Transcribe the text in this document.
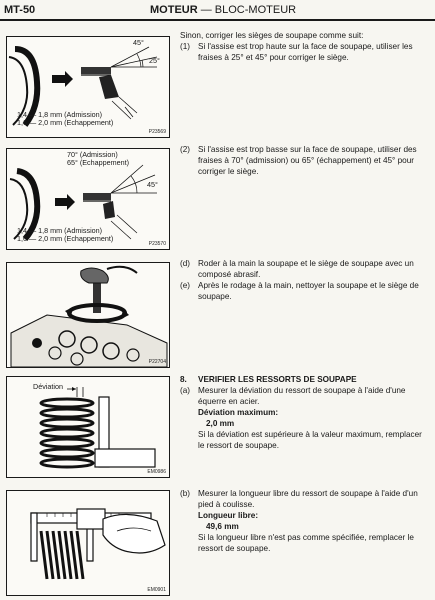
MT-50	MOTEUR — BLOC-MOTEUR
45°
25°
1,4 — 1,8 mm (Admission)
1,6 — 2,0 mm (Echappement)
P23569
70° (Admission)
65° (Echappement)
45°
1,4 — 1,8 mm (Admission)
1,6 — 2,0 mm (Echappement)
P23570
P22704
Déviation
EM0986
EM0901
Sinon, corriger les sièges de soupape comme suit:
(1) Si l'assise est trop haute sur la face de soupape, utiliser les fraises à 25° et 45° pour corriger le siège.
(2) Si l'assise est trop basse sur la face de soupape, utiliser des fraises à 70° (admission) ou 65° (échappement) et 45° pour corriger le siège.
(d) Roder à la main la soupape et le siège de soupape avec un composé abrasif.
(e) Après le rodage à la main, nettoyer la soupape et le siège de soupape.
8. VERIFIER LES RESSORTS DE SOUPAPE
(a) Mesurer la déviation du ressort de soupape à l'aide d'une équerre en acier.
Déviation maximum:
2,0 mm
Si la déviation est supérieure à la valeur maximum, remplacer le ressort de soupape.
(b) Mesurer la longueur libre du ressort de soupape à l'aide d'un pied à coulisse.
Longueur libre:
49,6 mm
Si la longueur libre n'est pas comme spécifiée, remplacer le ressort de soupape.
